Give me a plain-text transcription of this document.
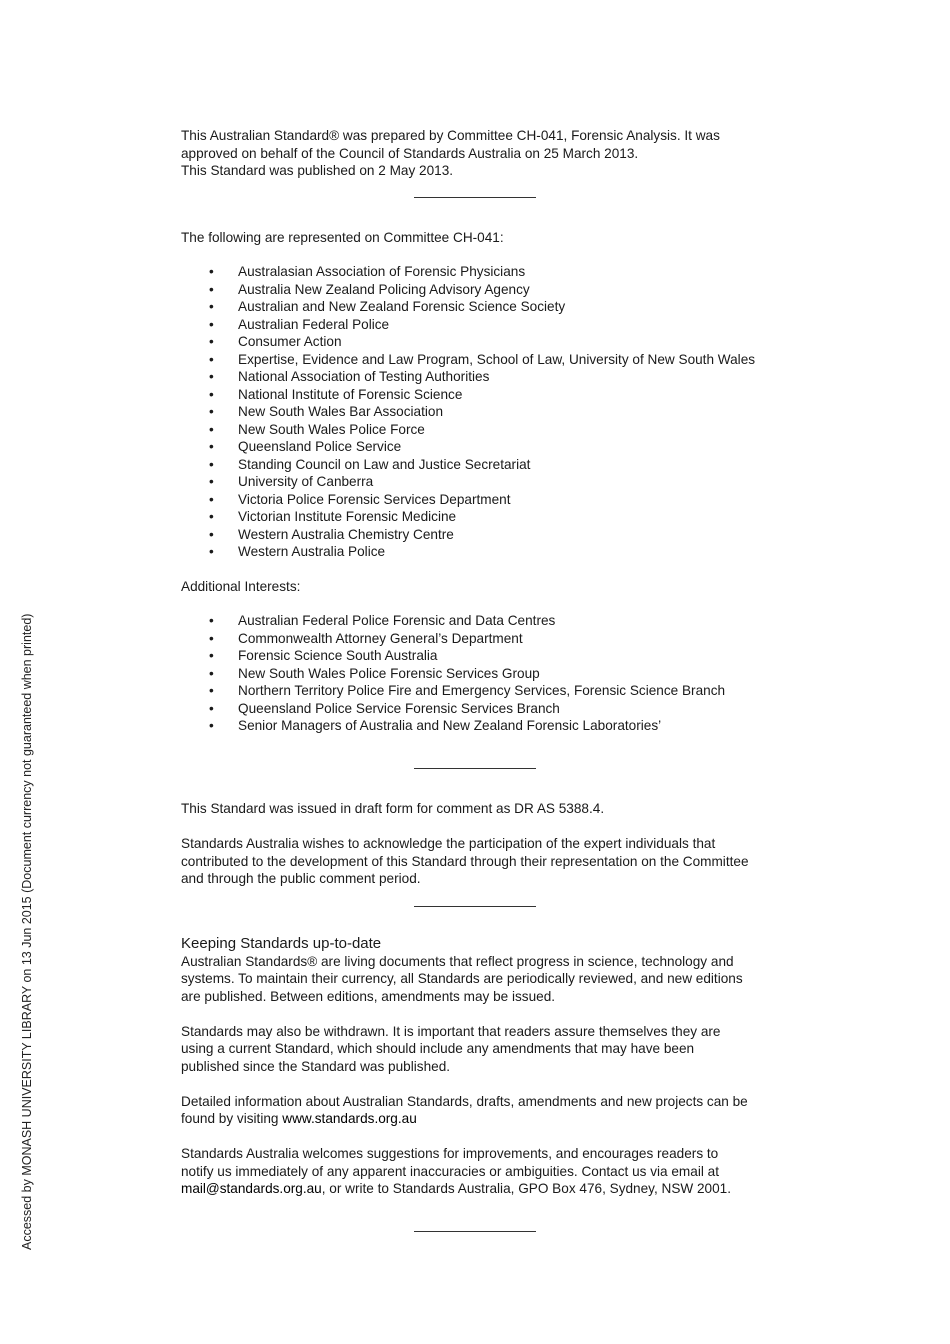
This Australian Standard® was prepared by Committee CH-041, Forensic Analysis. It was

approved on behalf of the Council of Standards Australia on 25 March 2013.

This Standard was published on 2 May 2013.

The following are represented on Committee CH-041:

• Australasian Association of Forensic Physicians
• Australia New Zealand Policing Advisory Agency
• Australian and New Zealand Forensic Science Society
• Australian Federal Police
• Consumer Action
• Expertise, Evidence and Law Program, School of Law, University of New South Wales
• National Association of Testing Authorities
• National Institute of Forensic Science
• New South Wales Bar Association
• New South Wales Police Force
• Queensland Police Service
• Standing Council on Law and Justice Secretariat
• University of Canberra
• Victoria Police Forensic Services Department
• Victorian Institute Forensic Medicine
• Western Australia Chemistry Centre
• Western Australia Police

Additional Interests:

• Australian Federal Police Forensic and Data Centres
• Commonwealth Attorney General’s Department
• Forensic Science South Australia
• New South Wales Police Forensic Services Group
• Northern Territory Police Fire and Emergency Services, Forensic Science Branch
• Queensland Police Service Forensic Services Branch
• Senior Managers of Australia and New Zealand Forensic Laboratories’

This Standard was issued in draft form for comment as DR AS 5388.4.

Standards Australia wishes to acknowledge the participation of the expert individuals that

contributed to the development of this Standard through their representation on the Committee

and through the public comment period.

Keeping Standards up-to-date

Australian Standards® are living documents that reflect progress in science, technology and

systems. To maintain their currency, all Standards are periodically reviewed, and new editions

are published. Between editions, amendments may be issued.

Standards may also be withdrawn. It is important that readers assure themselves they are

using a current Standard, which should include any amendments that may have been

published since the Standard was published.

Detailed information about Australian Standards, drafts, amendments and new projects can be

found by visiting www.standards.org.au

Standards Australia welcomes suggestions for improvements, and encourages readers to

notify us immediately of any apparent inaccuracies or ambiguities. Contact us via email at

mail@standards.org.au, or write to Standards Australia, GPO Box 476, Sydney, NSW 2001.

Accessed by MONASH UNIVERSITY LIBRARY on 13 Jun 2015 (Document currency not guaranteed when printed)
